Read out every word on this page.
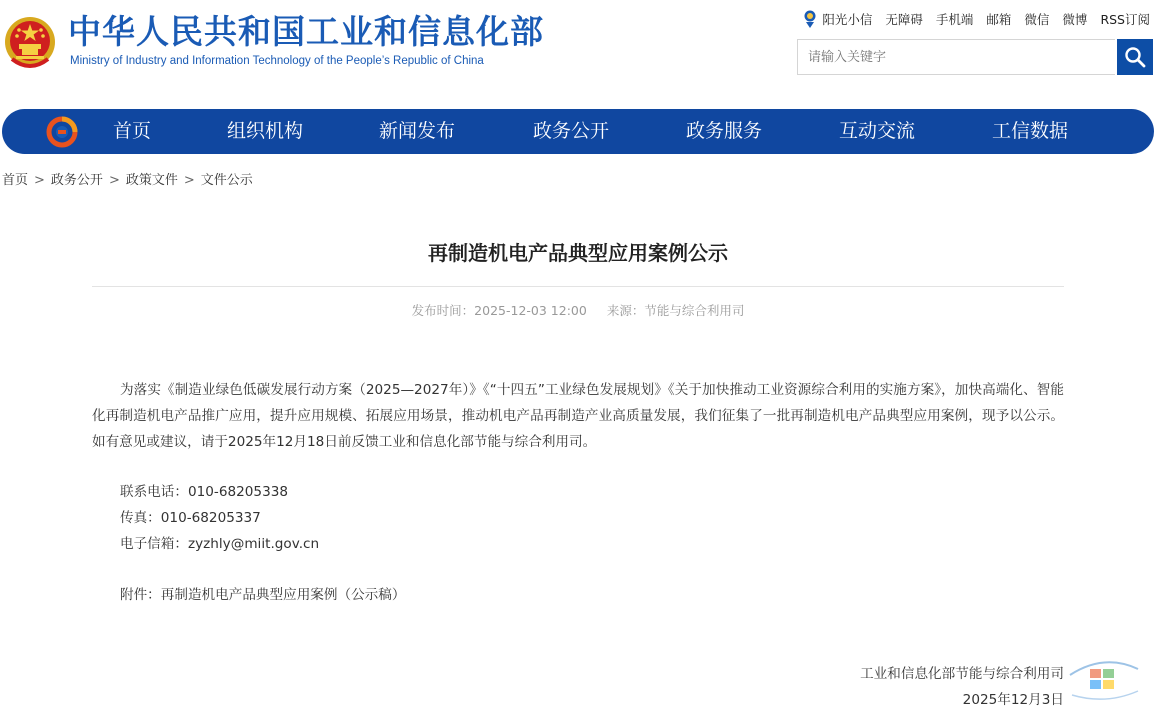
中华人民共和国工业和信息化部
Ministry of Industry and Information Technology of the People’s Republic of China
阳光小信 无障碍 手机端 邮箱 微信 微博 RSS订阅
请输入关键字
首页	组织机构	新闻发布	政务公开	政务服务	互动交流	工信数据
首页 > 政务公开 > 政策文件 > 文件公示
再制造机电产品典型应用案例公示
发布时间：2025-12-03 12:00 来源：节能与综合利用司
为落实《制造业绿色低碳发展行动方案（2025—2027年）》《“十四五”工业绿色发展规划》《关于加快推动工业资源综合利用的实施方案》，加快高端化、智能化再制造机电产品推广应用，提升应用规模、拓展应用场景，推动机电产品再制造产业高质量发展，我们征集了一批再制造机电产品典型应用案例，现予以公示。如有意见或建议，请于2025年12月18日前反馈工业和信息化部节能与综合利用司。
联系电话：010-68205338
传真：010-68205337
电子信箱：zyzhly@miit.gov.cn
附件：再制造机电产品典型应用案例（公示稿）
工业和信息化部节能与综合利用司
2025年12月3日
